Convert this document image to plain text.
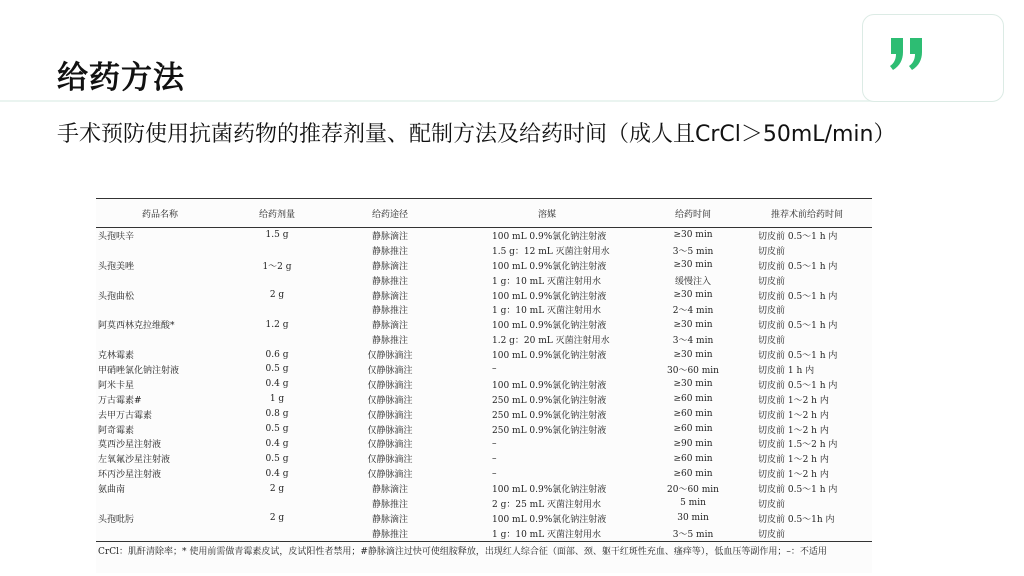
给药方法
手术预防使用抗菌药物的推荐剂量、配制方法及给药时间（成人且CrCl＞50mL/min）
药品名称	给药剂量	给药途径	溶媒	给药时间	推荐术前给药时间
头孢呋辛	1.5 g	静脉滴注	100 mL 0.9%氯化钠注射液	≥30 min	切皮前 0.5～1 h 内
		静脉推注	1.5 g：12 mL 灭菌注射用水	3～5 min	切皮前
头孢美唑	1～2 g	静脉滴注	100 mL 0.9%氯化钠注射液	≥30 min	切皮前 0.5～1 h 内
		静脉推注	1 g：10 mL 灭菌注射用水	缓慢注入	切皮前
头孢曲松	2 g	静脉滴注	100 mL 0.9%氯化钠注射液	≥30 min	切皮前 0.5～1 h 内
		静脉推注	1 g：10 mL 灭菌注射用水	2～4 min	切皮前
阿莫西林克拉维酸*	1.2 g	静脉滴注	100 mL 0.9%氯化钠注射液	≥30 min	切皮前 0.5～1 h 内
		静脉推注	1.2 g：20 mL 灭菌注射用水	3～4 min	切皮前
克林霉素	0.6 g	仅静脉滴注	100 mL 0.9%氯化钠注射液	≥30 min	切皮前 0.5～1 h 内
甲硝唑氯化钠注射液	0.5 g	仅静脉滴注	–	30～60 min	切皮前 1 h 内
阿米卡星	0.4 g	仅静脉滴注	100 mL 0.9%氯化钠注射液	≥30 min	切皮前 0.5～1 h 内
万古霉素#	1 g	仅静脉滴注	250 mL 0.9%氯化钠注射液	≥60 min	切皮前 1～2 h 内
去甲万古霉素	0.8 g	仅静脉滴注	250 mL 0.9%氯化钠注射液	≥60 min	切皮前 1～2 h 内
阿奇霉素	0.5 g	仅静脉滴注	250 mL 0.9%氯化钠注射液	≥60 min	切皮前 1～2 h 内
莫西沙星注射液	0.4 g	仅静脉滴注	–	≥90 min	切皮前 1.5～2 h 内
左氧氟沙星注射液	0.5 g	仅静脉滴注	–	≥60 min	切皮前 1～2 h 内
环丙沙星注射液	0.4 g	仅静脉滴注	–	≥60 min	切皮前 1～2 h 内
氨曲南	2 g	静脉滴注	100 mL 0.9%氯化钠注射液	20～60 min	切皮前 0.5～1 h 内
		静脉推注	2 g：25 mL 灭菌注射用水	5 min	切皮前
头孢吡肟	2 g	静脉滴注	100 mL 0.9%氯化钠注射液	30 min	切皮前 0.5～1h 内
		静脉推注	1 g：10 mL 灭菌注射用水	3～5 min	切皮前
CrCl：肌酐清除率；* 使用前需做青霉素皮试，皮试阳性者禁用；#静脉滴注过快可使组胺释放，出现红人综合征（面部、颈、躯干红斑性充血、瘙痒等），低血压等副作用；–：不适用
